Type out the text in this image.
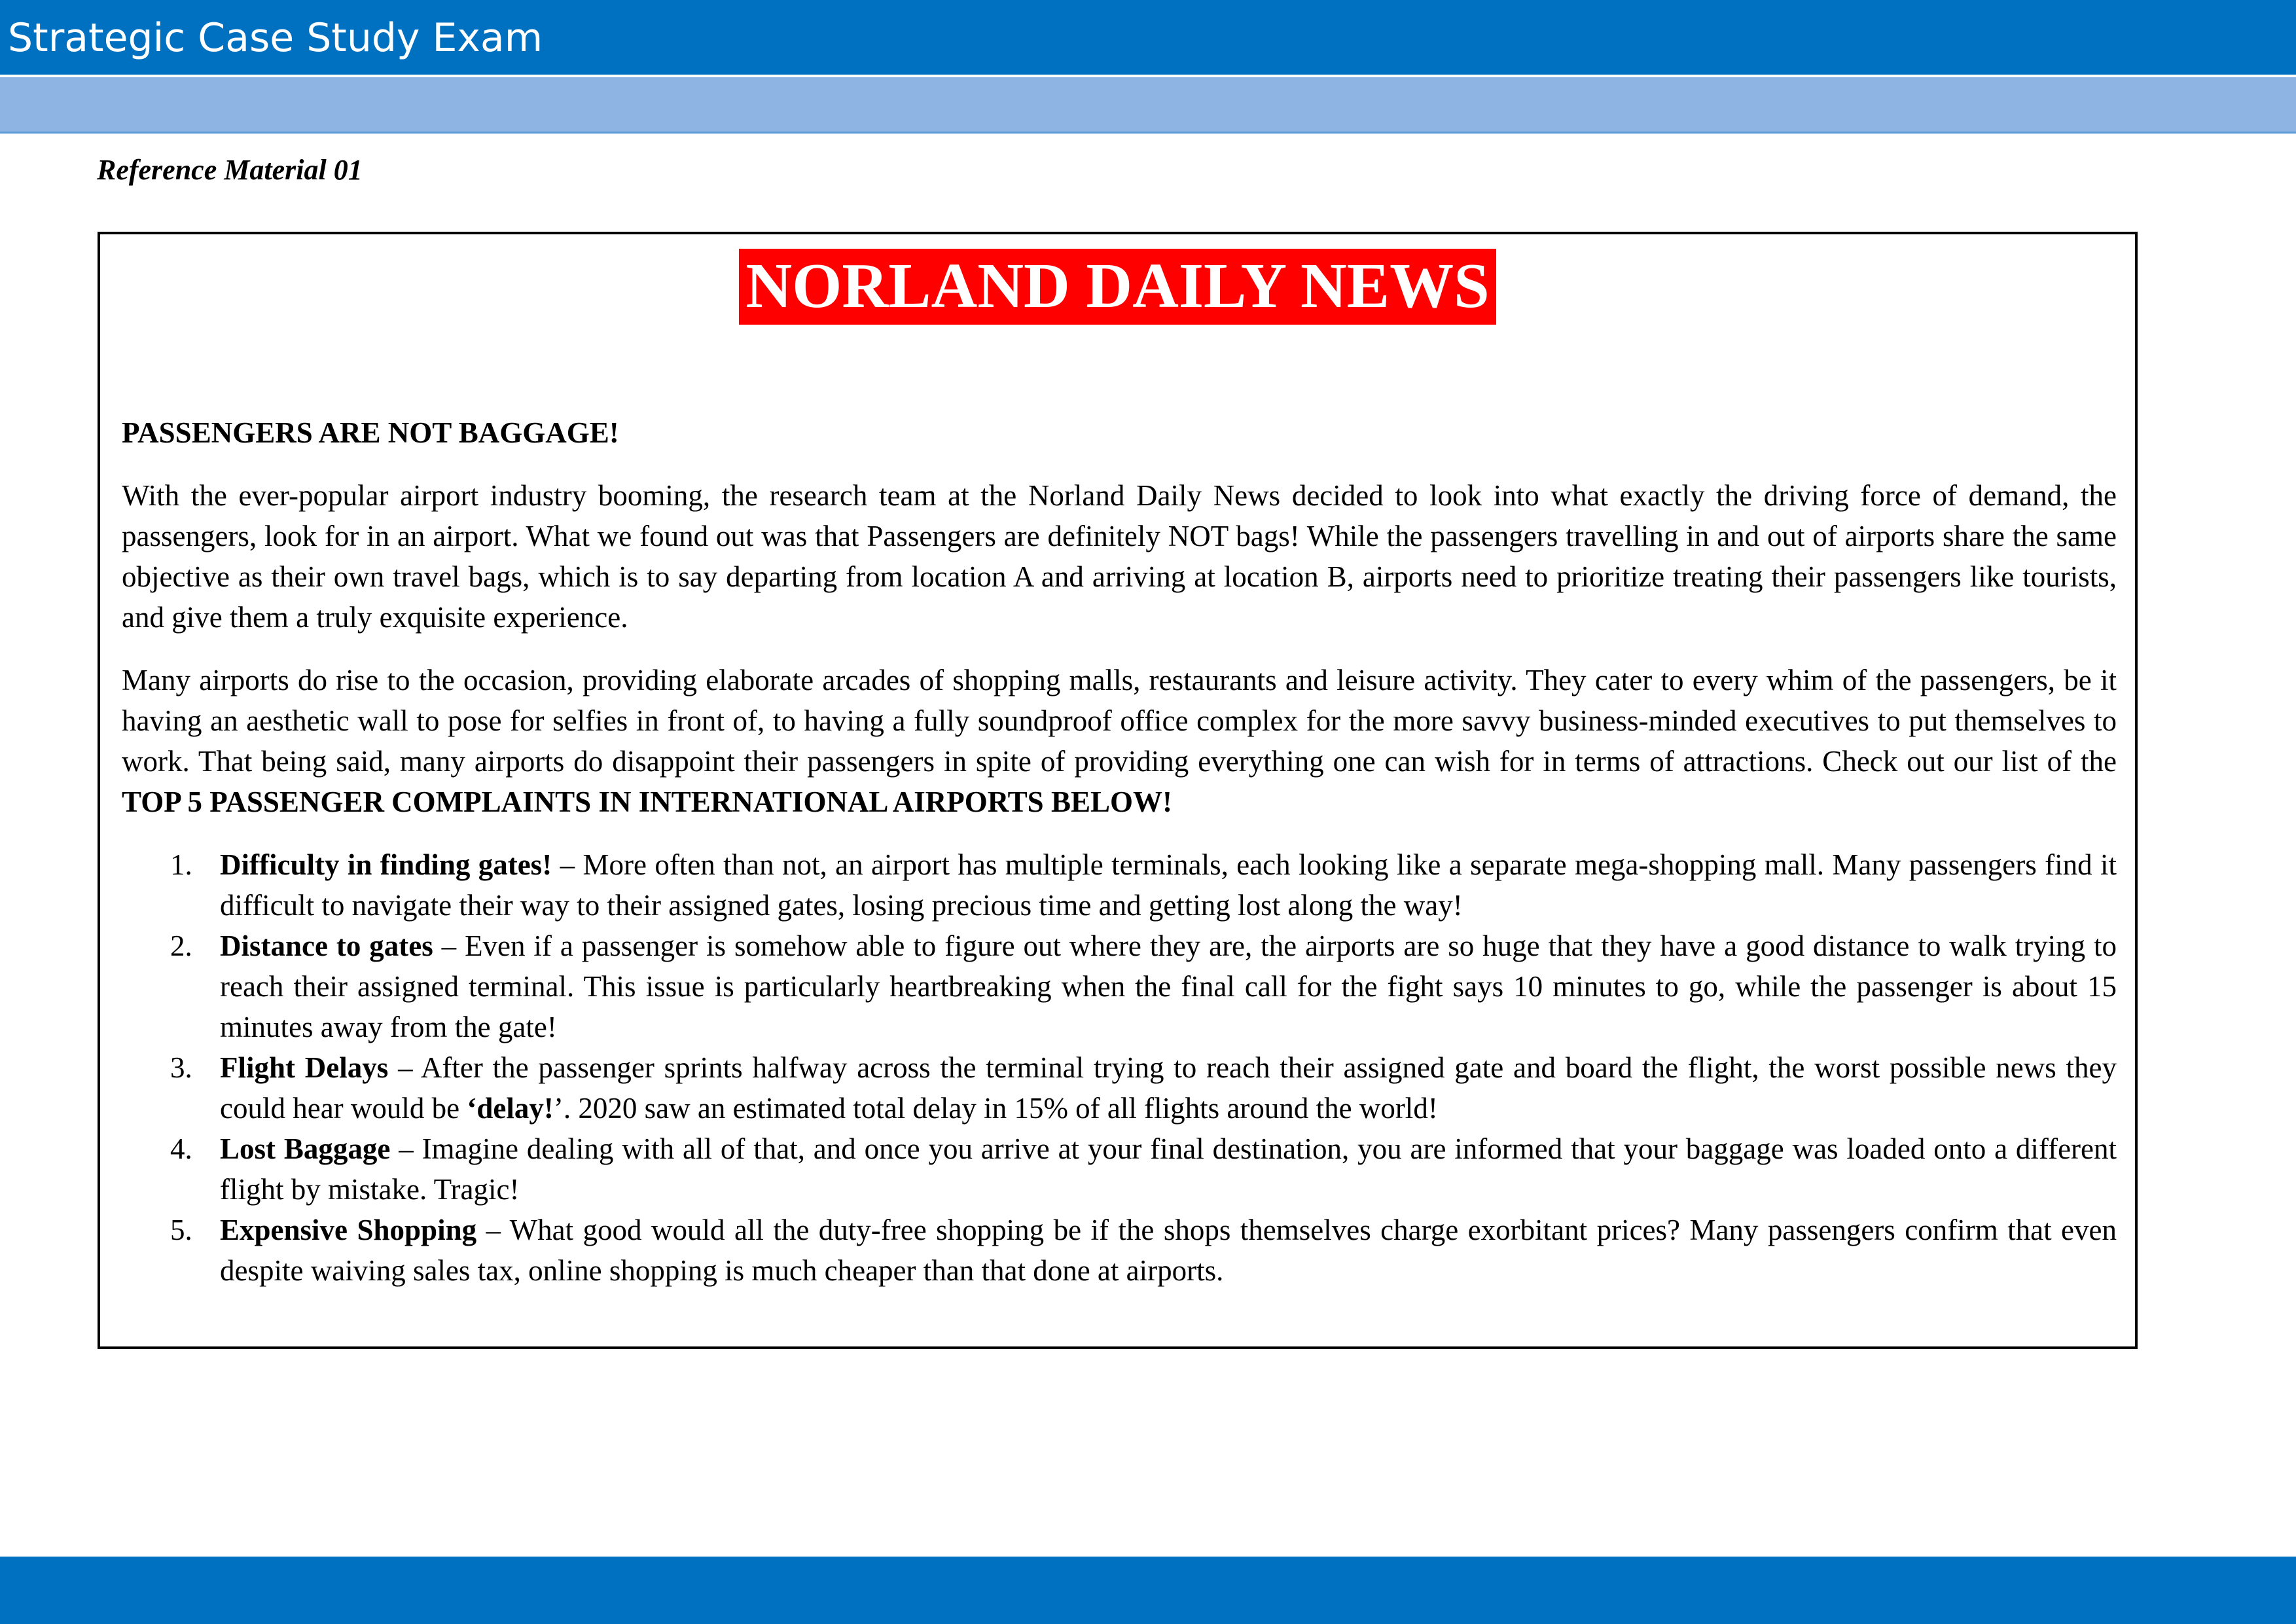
Strategic Case Study Exam
Reference Material 01
NORLAND DAILY NEWS

PASSENGERS ARE NOT BAGGAGE!

With the ever-popular airport industry booming, the research team at the Norland Daily News decided to look into what exactly the driving force of demand, the passengers, look for in an airport. What we found out was that Passengers are definitely NOT bags! While the passengers travelling in and out of airports share the same objective as their own travel bags, which is to say departing from location A and arriving at location B, airports need to prioritize treating their passengers like tourists, and give them a truly exquisite experience.

Many airports do rise to the occasion, providing elaborate arcades of shopping malls, restaurants and leisure activity. They cater to every whim of the passengers, be it having an aesthetic wall to pose for selfies in front of, to having a fully soundproof office complex for the more savvy business-minded executives to put themselves to work. That being said, many airports do disappoint their passengers in spite of providing everything one can wish for in terms of attractions. Check out our list of the TOP 5 PASSENGER COMPLAINTS IN INTERNATIONAL AIRPORTS BELOW!

1. Difficulty in finding gates! – More often than not, an airport has multiple terminals, each looking like a separate mega-shopping mall. Many passengers find it difficult to navigate their way to their assigned gates, losing precious time and getting lost along the way!
2. Distance to gates – Even if a passenger is somehow able to figure out where they are, the airports are so huge that they have a good distance to walk trying to reach their assigned terminal. This issue is particularly heartbreaking when the final call for the fight says 10 minutes to go, while the passenger is about 15 minutes away from the gate!
3. Flight Delays – After the passenger sprints halfway across the terminal trying to reach their assigned gate and board the flight, the worst possible news they could hear would be ‘delay!’. 2020 saw an estimated total delay in 15% of all flights around the world!
4. Lost Baggage – Imagine dealing with all of that, and once you arrive at your final destination, you are informed that your baggage was loaded onto a different flight by mistake. Tragic!
5. Expensive Shopping – What good would all the duty-free shopping be if the shops themselves charge exorbitant prices? Many passengers confirm that even despite waiving sales tax, online shopping is much cheaper than that done at airports.
